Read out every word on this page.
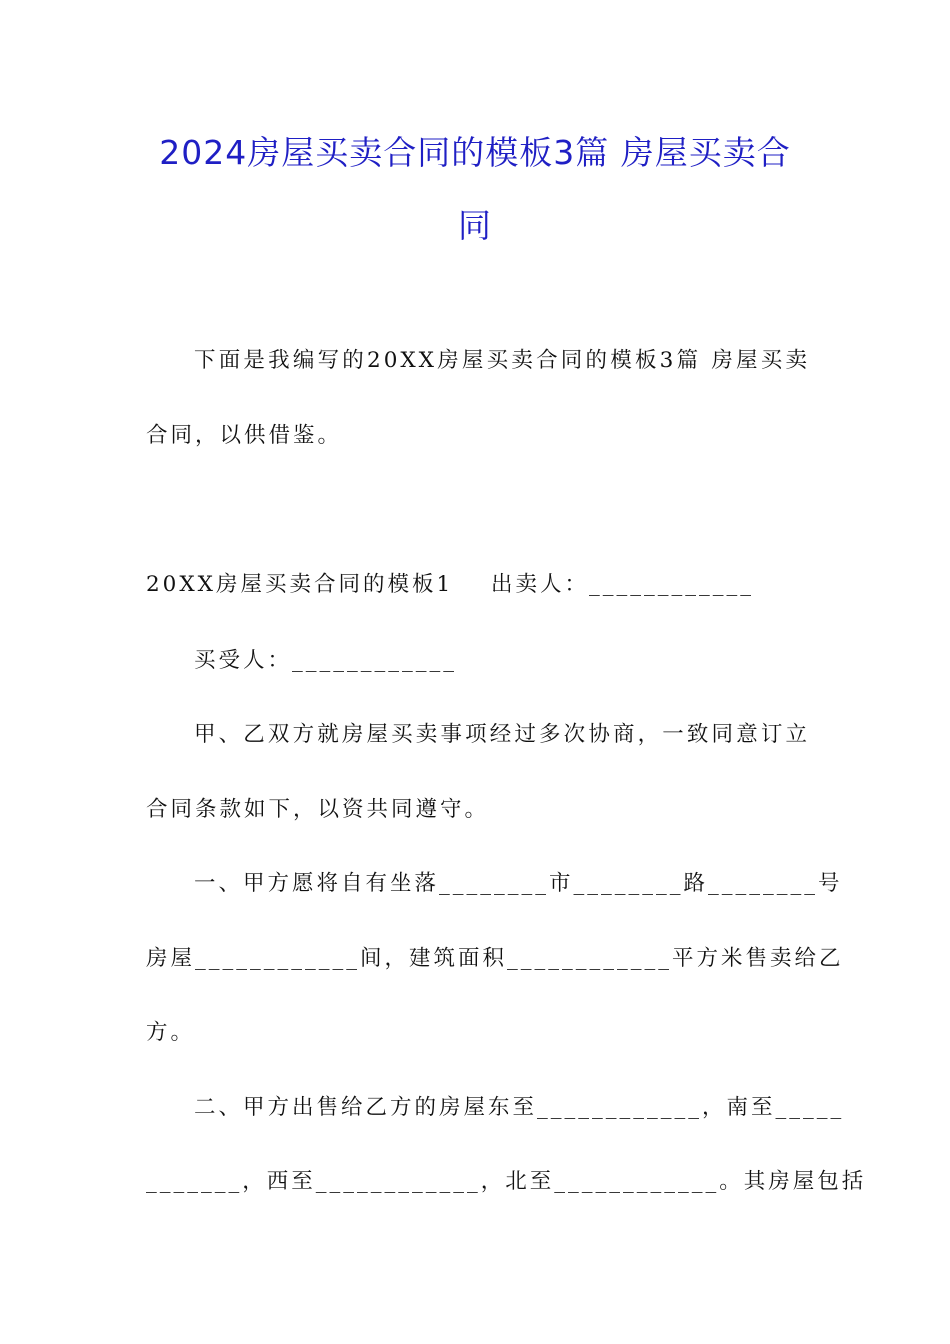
2024房屋买卖合同的模板3篇 房屋买卖合
同

下面是我编写的20XX房屋买卖合同的模板3篇 房屋买卖

合同，以供借鉴。

20XX房屋买卖合同的模板1 出卖人：____________

买受人：____________

甲、乙双方就房屋买卖事项经过多次协商，一致同意订立

合同条款如下，以资共同遵守。

一、甲方愿将自有坐落________市________路________号

房屋____________间，建筑面积____________平方米售卖给乙

方。

二、甲方出售给乙方的房屋东至____________，南至_____

_______，西至____________，北至____________。其房屋包括
